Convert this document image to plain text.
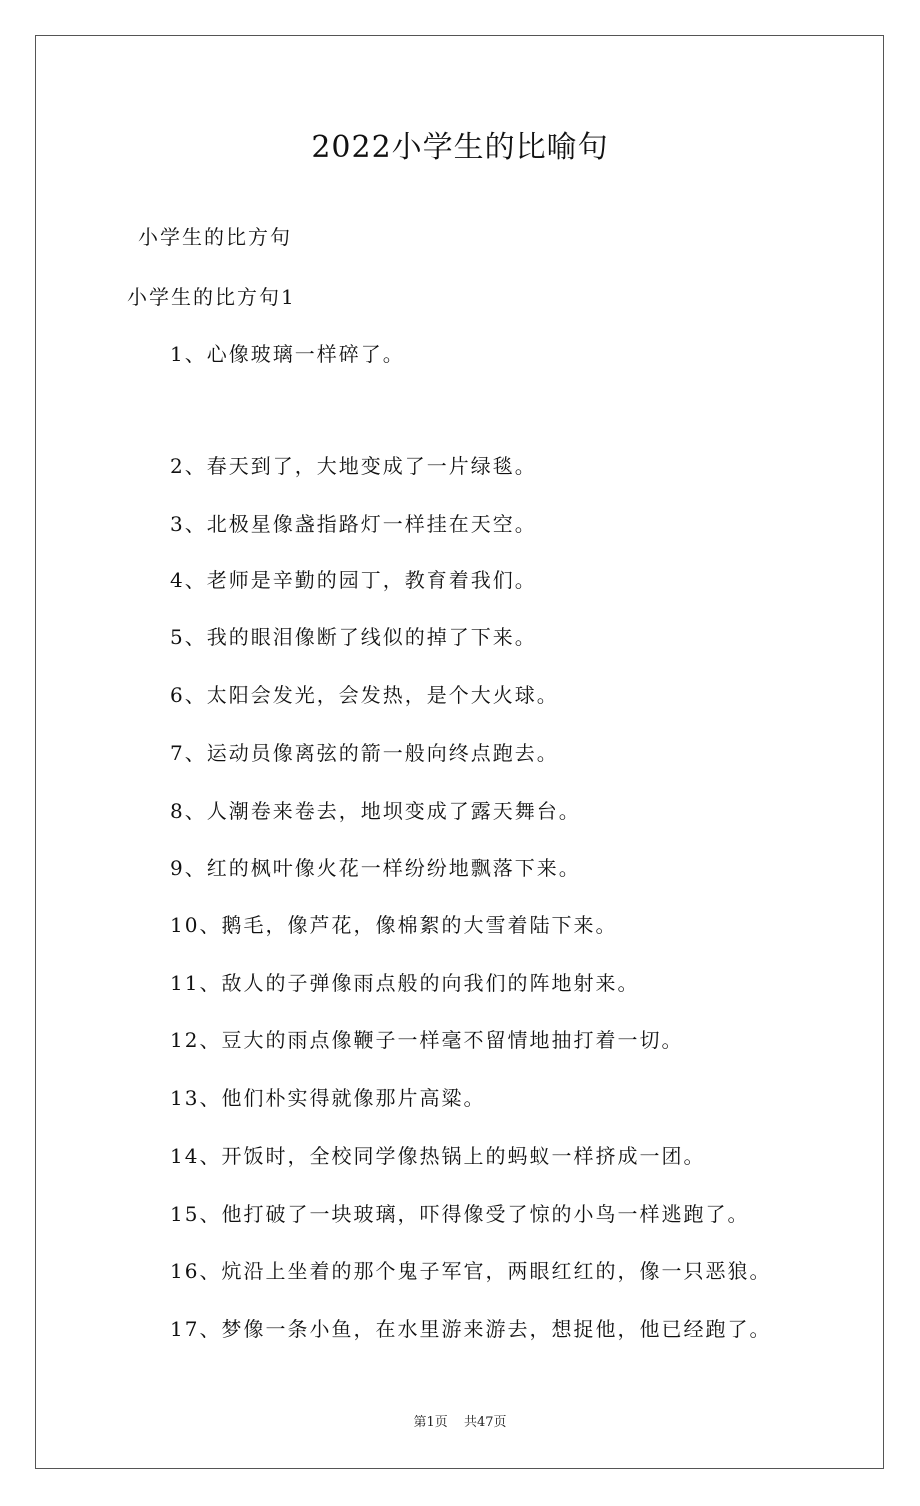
2022小学生的比喻句
小学生的比方句
小学生的比方句1
1、心像玻璃一样碎了。
2、春天到了，大地变成了一片绿毯。
3、北极星像盏指路灯一样挂在天空。
4、老师是辛勤的园丁，教育着我们。
5、我的眼泪像断了线似的掉了下来。
6、太阳会发光，会发热，是个大火球。
7、运动员像离弦的箭一般向终点跑去。
8、人潮卷来卷去，地坝变成了露天舞台。
9、红的枫叶像火花一样纷纷地飘落下来。
10、鹅毛，像芦花，像棉絮的大雪着陆下来。
11、敌人的子弹像雨点般的向我们的阵地射来。
12、豆大的雨点像鞭子一样毫不留情地抽打着一切。
13、他们朴实得就像那片高粱。
14、开饭时，全校同学像热锅上的蚂蚁一样挤成一团。
15、他打破了一块玻璃，吓得像受了惊的小鸟一样逃跑了。
16、炕沿上坐着的那个鬼子军官，两眼红红的，像一只恶狼。
17、梦像一条小鱼，在水里游来游去，想捉他，他已经跑了。
第1页 共47页
